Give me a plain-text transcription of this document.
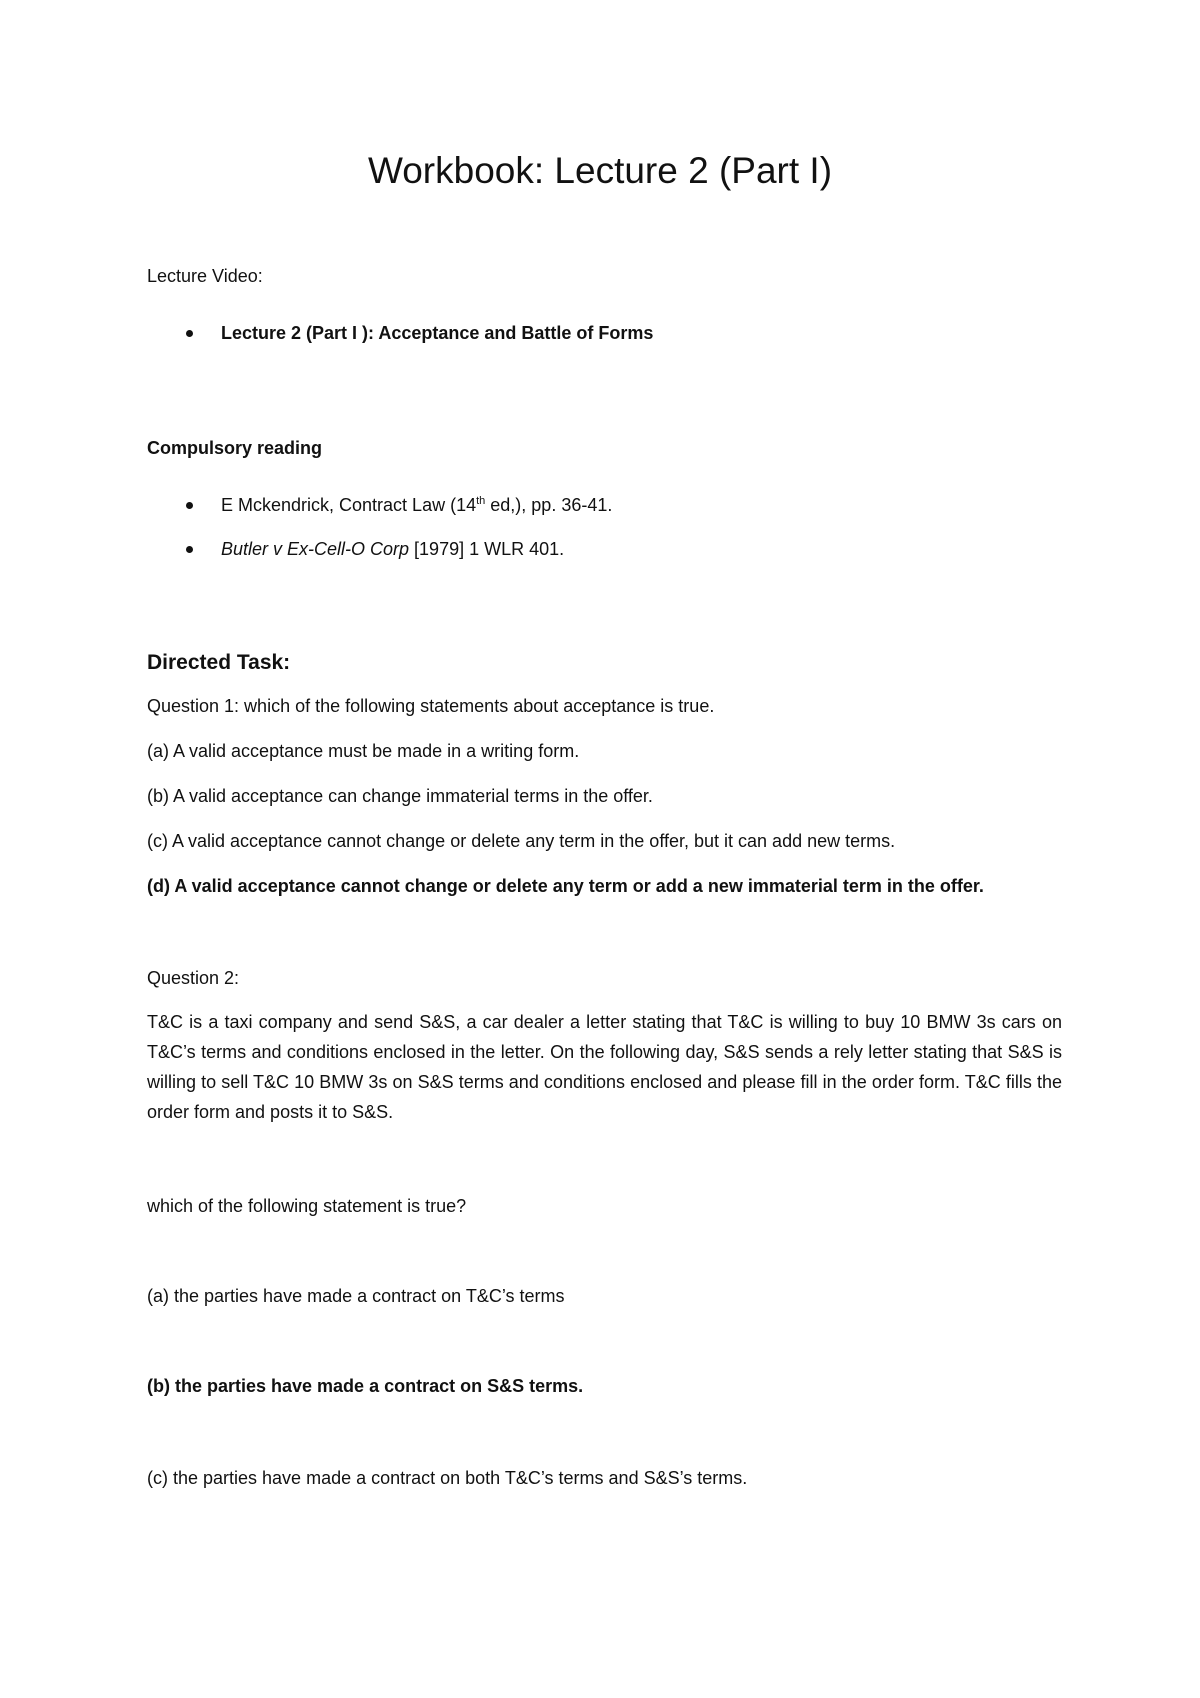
Workbook: Lecture 2 (Part I)

Lecture Video:

Lecture 2 (Part I ): Acceptance and Battle of Forms

Compulsory reading

E Mckendrick, Contract Law (14th ed,), pp. 36-41.
Butler v Ex-Cell-O Corp [1979] 1 WLR 401.

Directed Task:

Question 1: which of the following statements about acceptance is true.

(a) A valid acceptance must be made in a writing form.

(b) A valid acceptance can change immaterial terms in the offer.

(c) A valid acceptance cannot change or delete any term in the offer, but it can add new terms.

(d) A valid acceptance cannot change or delete any term or add a new immaterial term in the offer.

Question 2:

T&C is a taxi company and send S&S, a car dealer a letter stating that T&C is willing to buy 10 BMW 3s cars on T&C’s terms and conditions enclosed in the letter. On the following day, S&S sends a rely letter stating that S&S is willing to sell T&C 10 BMW 3s on S&S terms and conditions enclosed and please fill in the order form. T&C fills the order form and posts it to S&S.

which of the following statement is true?

(a) the parties have made a contract on T&C’s terms

(b) the parties have made a contract on S&S terms.

(c) the parties have made a contract on both T&C’s terms and S&S’s terms.
